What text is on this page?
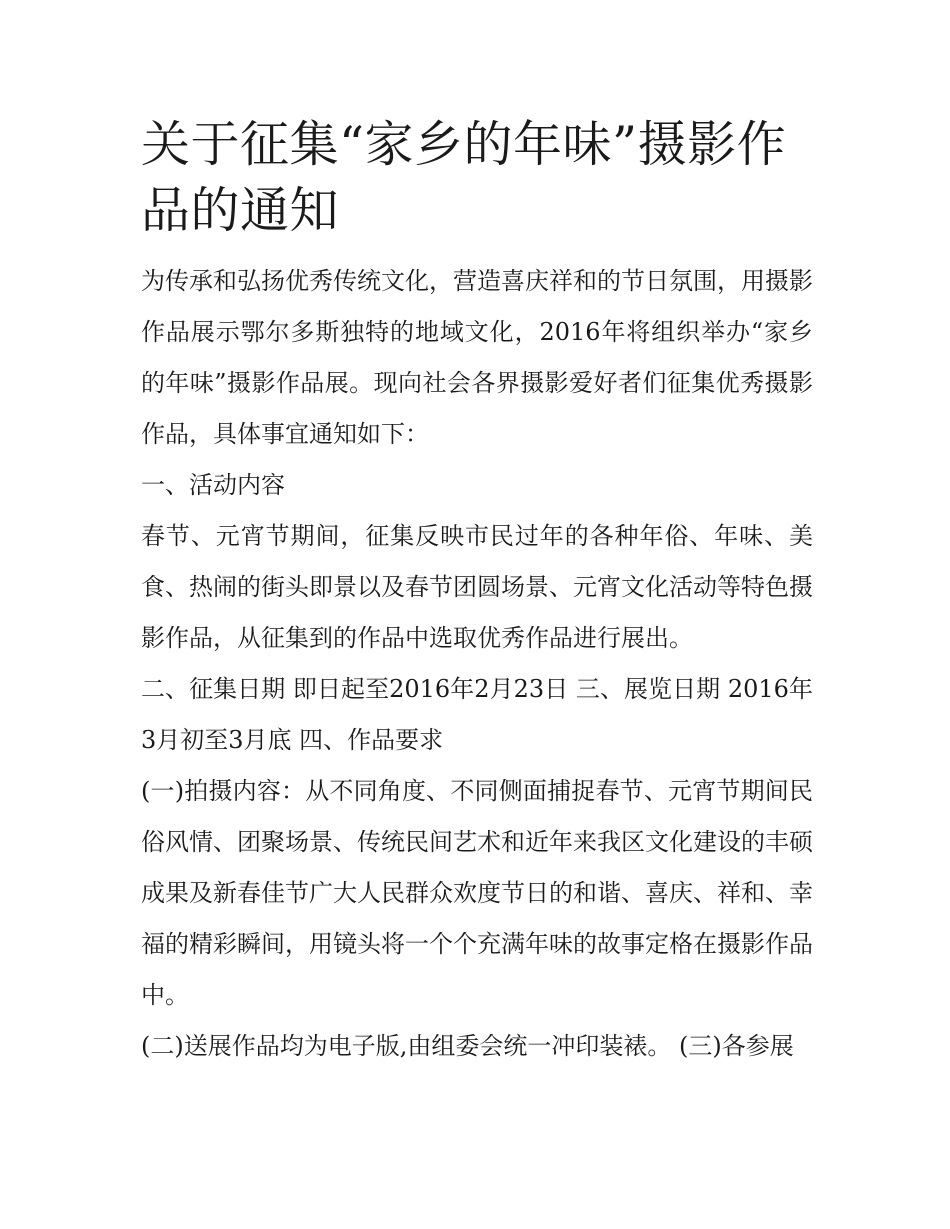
关于征集“家乡的年味”摄影作品的通知

为传承和弘扬优秀传统文化，营造喜庆祥和的节日氛围，用摄影作品展示鄂尔多斯独特的地域文化，2016年将组织举办“家乡的年味”摄影作品展。现向社会各界摄影爱好者们征集优秀摄影作品，具体事宜通知如下：

一、活动内容

春节、元宵节期间，征集反映市民过年的各种年俗、年味、美食、热闹的街头即景以及春节团圆场景、元宵文化活动等特色摄影作品，从征集到的作品中选取优秀作品进行展出。

二、征集日期 即日起至2016年2月23日 三、展览日期 2016年3月初至3月底 四、作品要求

(一)拍摄内容：从不同角度、不同侧面捕捉春节、元宵节期间民俗风情、团聚场景、传统民间艺术和近年来我区文化建设的丰硕成果及新春佳节广大人民群众欢度节日的和谐、喜庆、祥和、幸福的精彩瞬间，用镜头将一个个充满年味的故事定格在摄影作品中。

(二)送展作品均为电子版,由组委会统一冲印装裱。 (三)各参展
